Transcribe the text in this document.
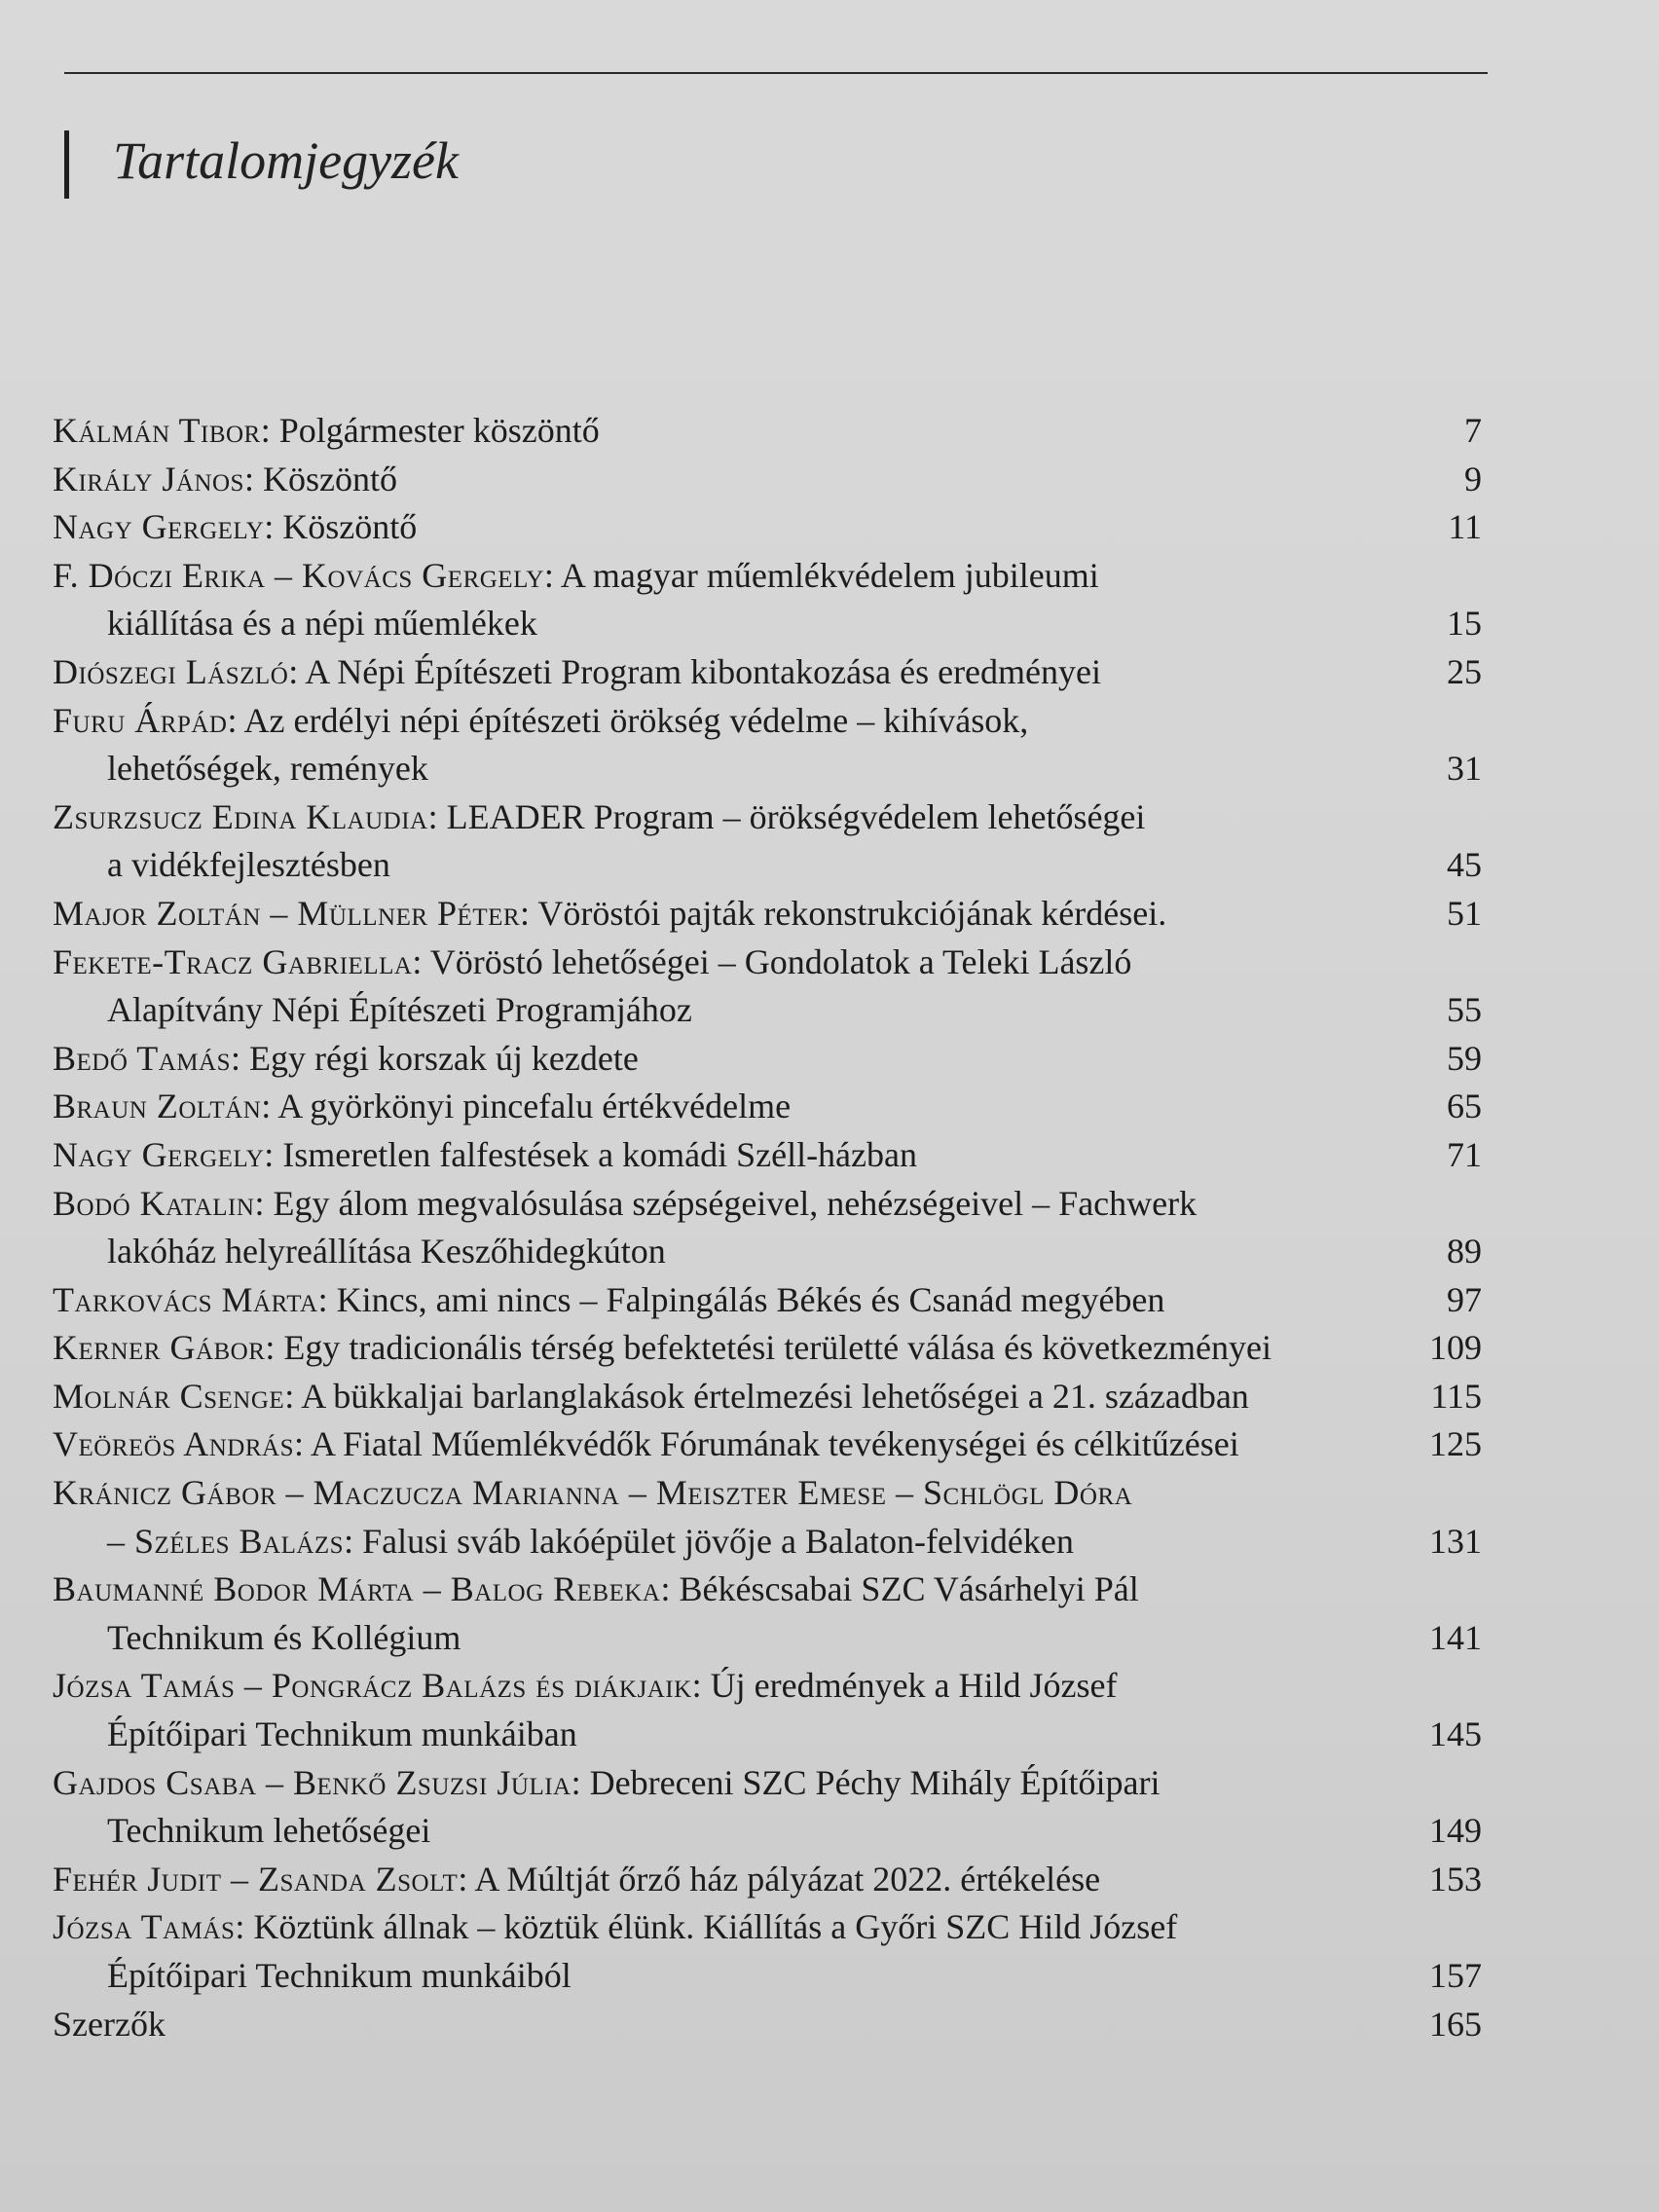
Tartalomjegyzék
Kálmán Tibor: Polgármester köszöntő	7
Király János: Köszöntő	9
Nagy Gergely: Köszöntő	11
F. Dóczi Erika – Kovács Gergely: A magyar műemlékvédelem jubileumi
kiállítása és a népi műemlékek	15
Diószegi László: A Népi Építészeti Program kibontakozása és eredményei	25
Furu Árpád: Az erdélyi népi építészeti örökség védelme – kihívások,
lehetőségek, remények	31
Zsurzsucz Edina Klaudia: LEADER Program – örökségvédelem lehetőségei
a vidékfejlesztésben	45
Major Zoltán – Müllner Péter: Vöröstói pajták rekonstrukciójának kérdései.	51
Fekete-Tracz Gabriella: Vöröstó lehetőségei – Gondolatok a Teleki László
Alapítvány Népi Építészeti Programjához	55
Bedő Tamás: Egy régi korszak új kezdete	59
Braun Zoltán: A györkönyi pincefalu értékvédelme	65
Nagy Gergely: Ismeretlen falfestések a komádi Széll-házban	71
Bodó Katalin: Egy álom megvalósulása szépségeivel, nehézségeivel – Fachwerk
lakóház helyreállítása Keszőhidegkúton	89
Tarkovács Márta: Kincs, ami nincs – Falpingálás Békés és Csanád megyében	97
Kerner Gábor: Egy tradicionális térség befektetési területté válása és következményei	109
Molnár Csenge: A bükkaljai barlanglakások értelmezési lehetőségei a 21. században	115
Veöreös András: A Fiatal Műemlékvédők Fórumának tevékenységei és célkitűzései	125
Kránicz Gábor – Maczucza Marianna – Meiszter Emese – Schlögl Dóra
– Széles Balázs: Falusi sváb lakóépület jövője a Balaton-felvidéken	131
Baumanné Bodor Márta – Balog Rebeka: Békéscsabai SZC Vásárhelyi Pál
Technikum és Kollégium	141
Józsa Tamás – Pongrácz Balázs és diákjaik: Új eredmények a Hild József
Építőipari Technikum munkáiban	145
Gajdos Csaba – Benkő Zsuzsi Júlia: Debreceni SZC Péchy Mihály Építőipari
Technikum lehetőségei	149
Fehér Judit – Zsanda Zsolt: A Múltját őrző ház pályázat 2022. értékelése	153
Józsa Tamás: Köztünk állnak – köztük élünk. Kiállítás a Győri SZC Hild József
Építőipari Technikum munkáiból	157
Szerzők	165
